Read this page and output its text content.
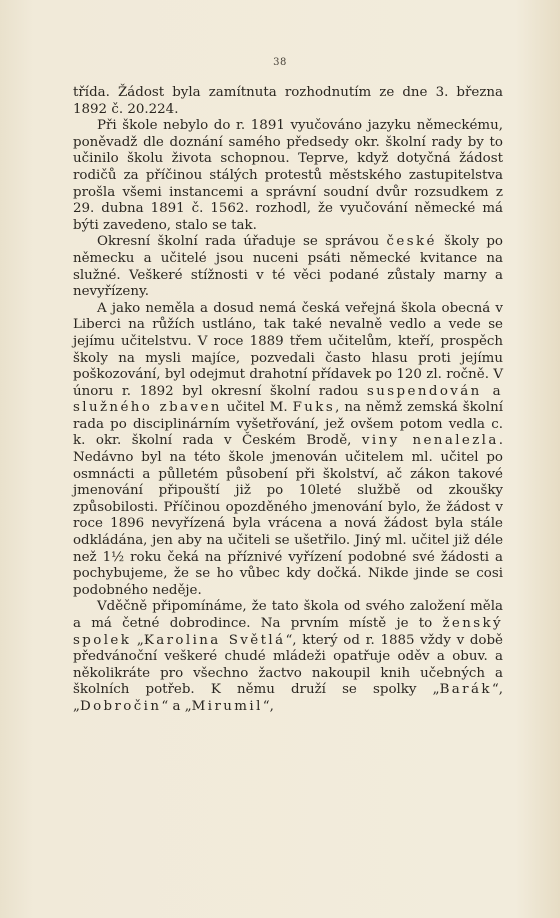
38

třída. Žádost byla zamítnuta rozhodnutím ze dne 3. března 1892 č. 20.224.

Při škole nebylo do r. 1891 vyučováno jazyku německému, poněvadž dle doznání samého předsedy okr. školní rady by to učinilo školu života schopnou. Teprve, když dotyčná žádost rodičů za příčinou stálých protestů městského zastupitelstva prošla všemi instancemi a správní soudní dvůr rozsudkem z 29. dubna 1891 č. 1562. rozhodl, že vyučování německé má býti zavedeno, stalo se tak.

Okresní školní rada úřaduje se správou české školy po německu a učitelé jsou nuceni psáti německé kvitance na služné. Veškeré stížnosti v té věci podané zůstaly marny a nevyřízeny.

A jako neměla a dosud nemá česká veřejná škola obecná v Liberci na růžích ustláno, tak také nevalně vedlo a vede se jejímu učitelstvu. V roce 1889 třem učitelům, kteří, prospěch školy na mysli majíce, pozvedali často hlasu proti jejímu poškozování, byl odejmut drahotní přídavek po 120 zl. ročně. V únoru r. 1892 byl okresní školní radou suspendován a služného zbaven učitel M. Fuks, na němž zemská školní rada po disciplinárním vyšetřování, jež ovšem potom vedla c. k. okr. školní rada v Českém Brodě, viny nenalezla. Nedávno byl na této škole jmenován učitelem ml. učitel po osmnácti a půlletém působení při školství, ač zákon takové jmenování připouští již po 10leté službě od zkoušky způsobilosti. Příčinou opozděného jmenování bylo, že žádost v roce 1896 nevyřízená byla vrácena a nová žádost byla stále odkládána, jen aby na učiteli se ušetřilo. Jiný ml. učitel již déle než 1½ roku čeká na příznivé vyřízení podobné své žádosti a pochybujeme, že se ho vůbec kdy dočká. Nikde jinde se cosi podobného neděje.

Vděčně připomínáme, že tato škola od svého založení měla a má četné dobrodince. Na prvním místě je to ženský spolek „Karolina Světlá“, který od r. 1885 vždy v době předvánoční veškeré chudé mládeži opatřuje oděv a obuv. a několikráte pro všechno žactvo nakoupil knih učebných a školních potřeb. K němu druží se spolky „Barák“, „Dobročin“ a „Mirumil“,
